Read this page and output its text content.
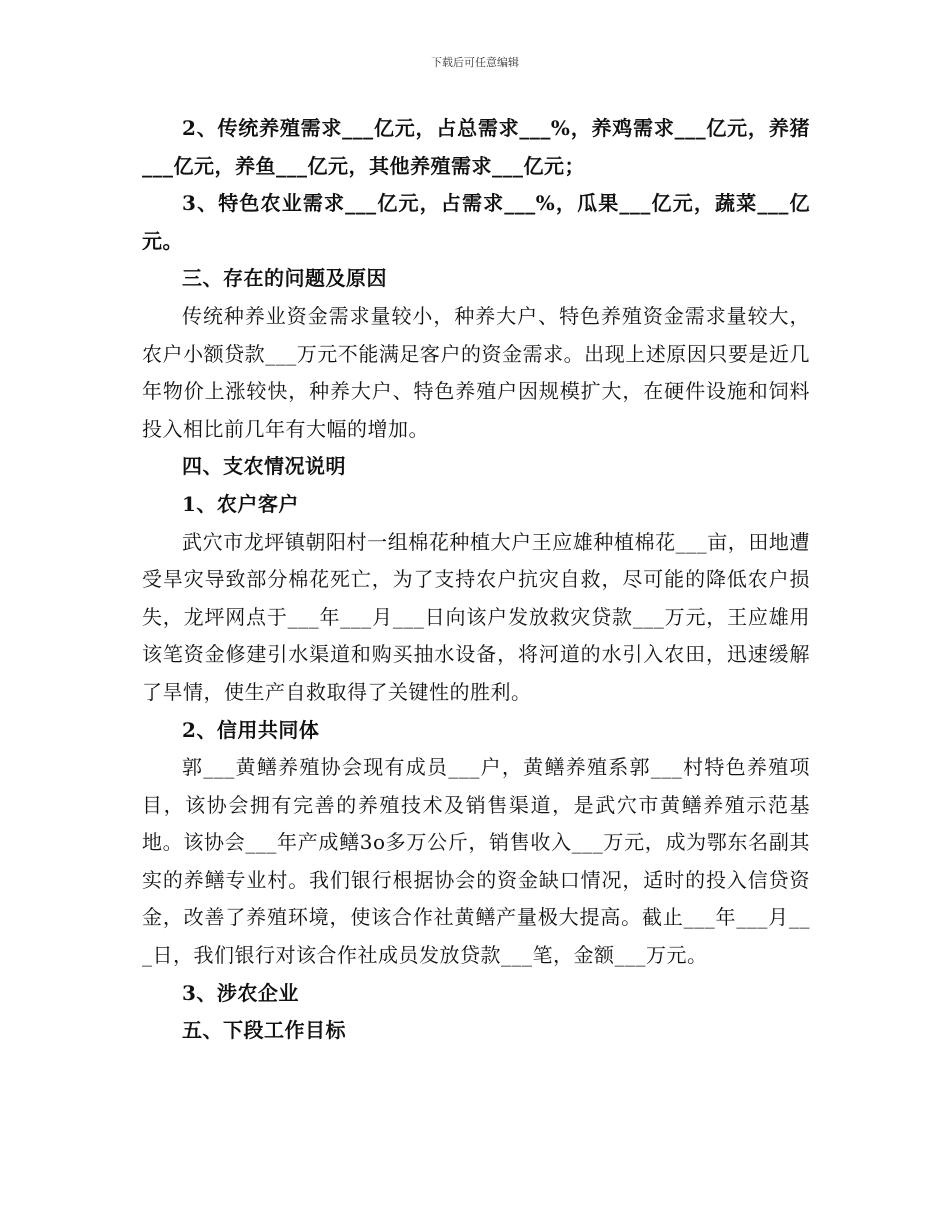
下载后可任意编辑

2、传统养殖需求___亿元，占总需求___%，养鸡需求___亿元，养猪___亿元，养鱼___亿元，其他养殖需求___亿元；

3、特色农业需求___亿元，占需求___%，瓜果___亿元，蔬菜___亿元。

三、存在的问题及原因

传统种养业资金需求量较小，种养大户、特色养殖资金需求量较大，农户小额贷款___万元不能满足客户的资金需求。出现上述原因只要是近几年物价上涨较快，种养大户、特色养殖户因规模扩大，在硬件设施和饲料投入相比前几年有大幅的增加。

四、支农情况说明

1、农户客户

武穴市龙坪镇朝阳村一组棉花种植大户王应雄种植棉花___亩，田地遭受旱灾导致部分棉花死亡，为了支持农户抗灾自救，尽可能的降低农户损失，龙坪网点于___年___月___日向该户发放救灾贷款___万元，王应雄用该笔资金修建引水渠道和购买抽水设备，将河道的水引入农田，迅速缓解了旱情，使生产自救取得了关键性的胜利。

2、信用共同体

郭___黄鳝养殖协会现有成员___户，黄鳝养殖系郭___村特色养殖项目，该协会拥有完善的养殖技术及销售渠道，是武穴市黄鳝养殖示范基地。该协会___年产成鳝3o多万公斤，销售收入___万元，成为鄂东名副其实的养鳝专业村。我们银行根据协会的资金缺口情况，适时的投入信贷资金，改善了养殖环境，使该合作社黄鳝产量极大提高。截止___年___月___日，我们银行对该合作社成员发放贷款___笔，金额___万元。

3、涉农企业

五、下段工作目标
